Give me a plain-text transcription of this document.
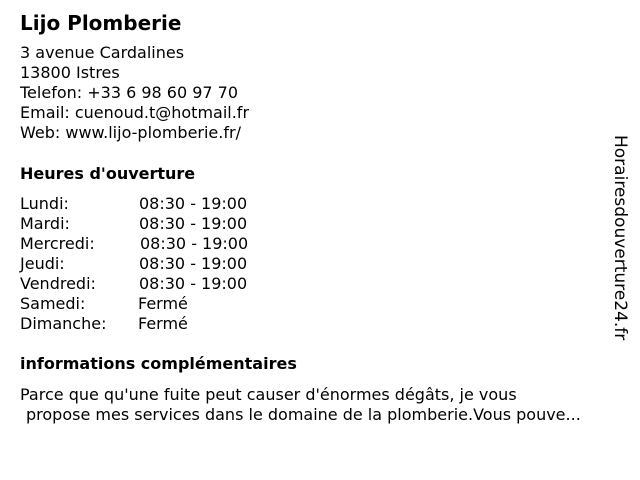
Lijo Plomberie
3 avenue Cardalines
13800 Istres
Telefon: +33 6 98 60 97 70
Email: cuenoud.t@hotmail.fr
Web: www.lijo-plomberie.fr/
Heures d'ouverture
Lundi:	08:30 - 19:00
Mardi:	08:30 - 19:00
Mercredi:	08:30 - 19:00
Jeudi:	08:30 - 19:00
Vendredi:	08:30 - 19:00
Samedi:	Fermé
Dimanche: Fermé
informations complémentaires
Parce que qu'une fuite peut causer d'énormes dégâts, je vous
propose mes services dans le domaine de la plomberie.Vous pouve...
Horairesdouverture24.fr
